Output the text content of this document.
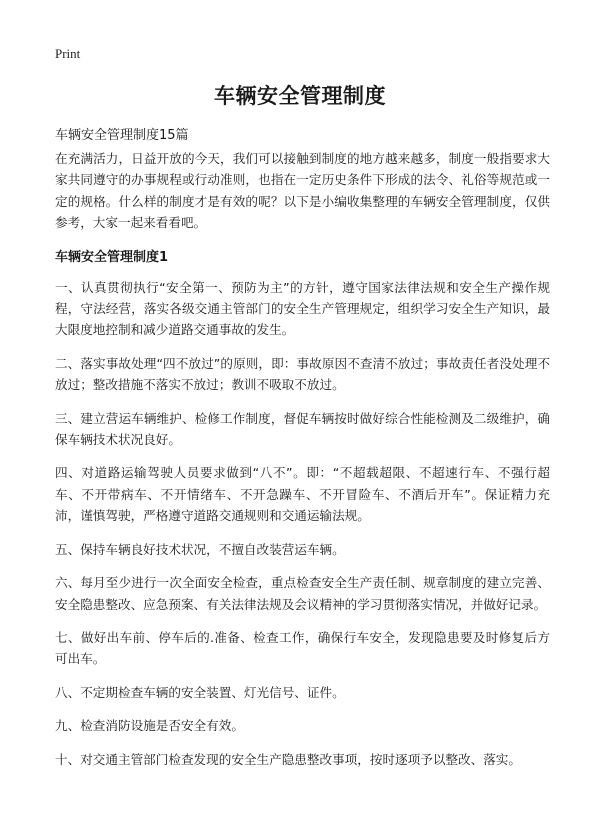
Print
车辆安全管理制度

车辆安全管理制度15篇

在充满活力，日益开放的今天，我们可以接触到制度的地方越来越多，制度一般指要求大家共同遵守的办事规程或行动准则，也指在一定历史条件下形成的法令、礼俗等规范或一定的规格。什么样的制度才是有效的呢？以下是小编收集整理的车辆安全管理制度，仅供参考，大家一起来看看吧。

车辆安全管理制度1

一、认真贯彻执行“安全第一、预防为主”的方针，遵守国家法律法规和安全生产操作规程，守法经营，落实各级交通主管部门的安全生产管理规定，组织学习安全生产知识，最大限度地控制和减少道路交通事故的发生。

二、落实事故处理“四不放过”的原则，即：事故原因不查清不放过；事故责任者没处理不放过；整改措施不落实不放过；教训不吸取不放过。

三、建立营运车辆维护、检修工作制度，督促车辆按时做好综合性能检测及二级维护，确保车辆技术状况良好。

四、对道路运输驾驶人员要求做到“八不”。即：“不超载超限、不超速行车、不强行超车、不开带病车、不开情绪车、不开急躁车、不开冒险车、不酒后开车”。保证精力充沛，谨慎驾驶，严格遵守道路交通规则和交通运输法规。

五、保持车辆良好技术状况，不擅自改装营运车辆。

六、每月至少进行一次全面安全检查，重点检查安全生产责任制、规章制度的建立完善、安全隐患整改、应急预案、有关法律法规及会议精神的学习贯彻落实情况，并做好记录。

七、做好出车前、停车后的.准备、检查工作，确保行车安全，发现隐患要及时修复后方可出车。

八、不定期检查车辆的安全装置、灯光信号、证件。

九、检查消防设施是否安全有效。

十、对交通主管部门检查发现的安全生产隐患整改事项，按时逐项予以整改、落实。
